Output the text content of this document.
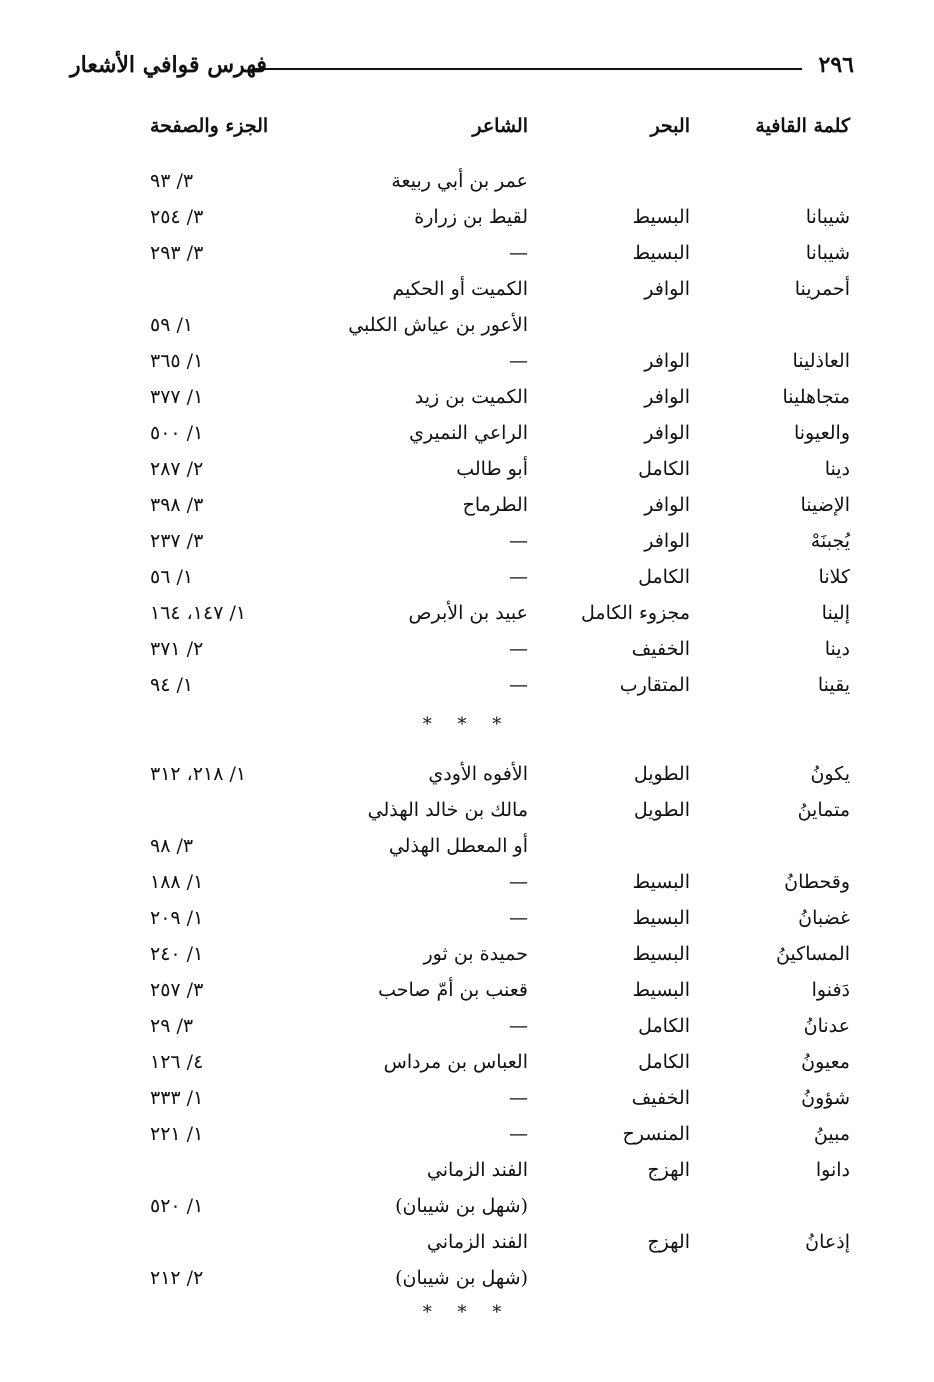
٢٩٦
فهرس قوافي الأشعار
كلمة القافية
البحر
الشاعر
الجزء والصفحة
عمر بن أبي ربيعة
٣/ ٩٣
شيبانا
البسيط
لقيط بن زرارة
٣/ ٢٥٤
شيبانا
البسيط
—
٣/ ٢٩٣
أحمرينا
الوافر
الكميت أو الحكيم
الأعور بن عياش الكلبي
١/ ٥٩
العاذلينا
الوافر
—
١/ ٣٦٥
متجاهلينا
الوافر
الكميت بن زيد
١/ ٣٧٧
والعيونا
الوافر
الراعي النميري
١/ ٥٠٠
دينا
الكامل
أبو طالب
٢/ ٢٨٧
الإضينا
الوافر
الطرماح
٣/ ٣٩٨
يُجبنَهْ
الوافر
—
٣/ ٢٣٧
كلانا
الكامل
—
١/ ٥٦
إلينا
مجزوء الكامل
عبيد بن الأبرص
١/ ١٤٧، ١٦٤
دينا
الخفيف
—
٢/ ٣٧١
يقينا
المتقارب
—
١/ ٩٤
* * *
يكونُ
الطويل
الأفوه الأودي
١/ ٢١٨، ٣١٢
متماينُ
الطويل
مالك بن خالد الهذلي
أو المعطل الهذلي
٣/ ٩٨
وقحطانُ
البسيط
—
١/ ١٨٨
غضبانُ
البسيط
—
١/ ٢٠٩
المساكينُ
البسيط
حميدة بن ثور
١/ ٢٤٠
دَفنوا
البسيط
قعنب بن أمّ صاحب
٣/ ٢٥٧
عدنانُ
الكامل
—
٣/ ٢٩
معيونُ
الكامل
العباس بن مرداس
٤/ ١٢٦
شؤونُ
الخفيف
—
١/ ٣٣٣
مبينُ
المنسرح
—
١/ ٢٢١
دانوا
الهزج
الفند الزماني
(شهل بن شيبان)
١/ ٥٢٠
إذعانُ
الهزج
الفند الزماني
(شهل بن شيبان)
٢/ ٢١٢
* * *
